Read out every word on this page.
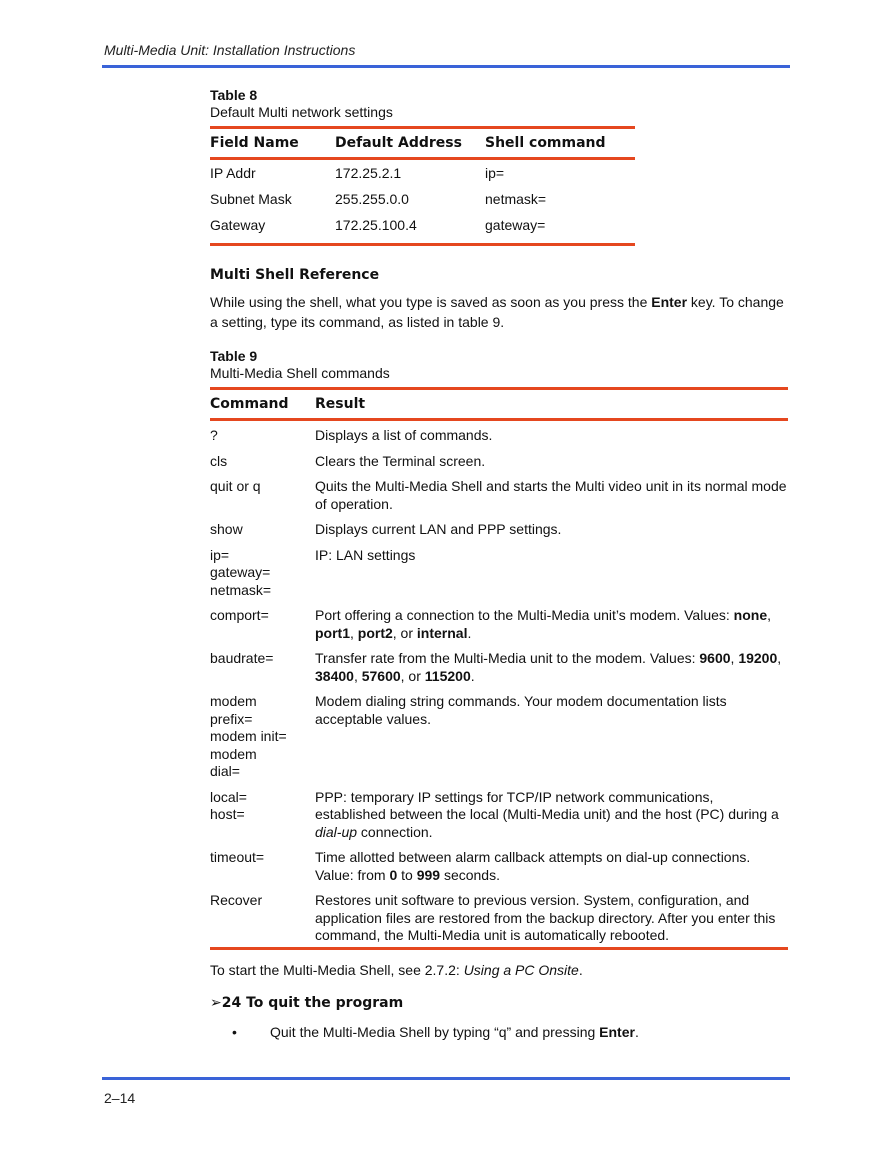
Multi-Media Unit: Installation Instructions
Table 8
Default Multi network settings
Field Name	Default Address	Shell command

IP Addr	172.25.2.1	ip=
Subnet Mask	255.255.0.0	netmask=
Gateway	172.25.100.4	gateway=
Multi Shell Reference
While using the shell, what you type is saved as soon as you press the Enter key. To change a setting, type its command, as listed in table 9.
Table 9
Multi-Media Shell commands
Command	Result

?	Displays a list of commands.
cls	Clears the Terminal screen.
quit or q	Quits the Multi-Media Shell and starts the Multi video unit in its normal mode of operation.
show	Displays current LAN and PPP settings.

ip=
gateway=
netmask=	IP: LAN settings
comport=	Port offering a connection to the Multi-Media unit’s modem. Values: none, port1, port2, or internal.
baudrate=	Transfer rate from the Multi-Media unit to the modem. Values: 9600, 19200, 38400, 57600, or 115200.

modem
prefix=
modem init=
modem
dial=	Modem dialing string commands. Your modem documentation lists acceptable values.

local=
host=	PPP: temporary IP settings for TCP/IP network communications, established between the local (Multi-Media unit) and the host (PC) during a dial-up connection.
timeout=	Time allotted between alarm callback attempts on dial-up connections. Value: from 0 to 999 seconds.
Recover	Restores unit software to previous version. System, configuration, and application files are restored from the backup directory. After you enter this command, the Multi-Media unit is automatically rebooted.
To start the Multi-Media Shell, see 2.7.2: Using a PC Onsite.
➢24 To quit the program
• Quit the Multi-Media Shell by typing “q” and pressing Enter.
2–14
